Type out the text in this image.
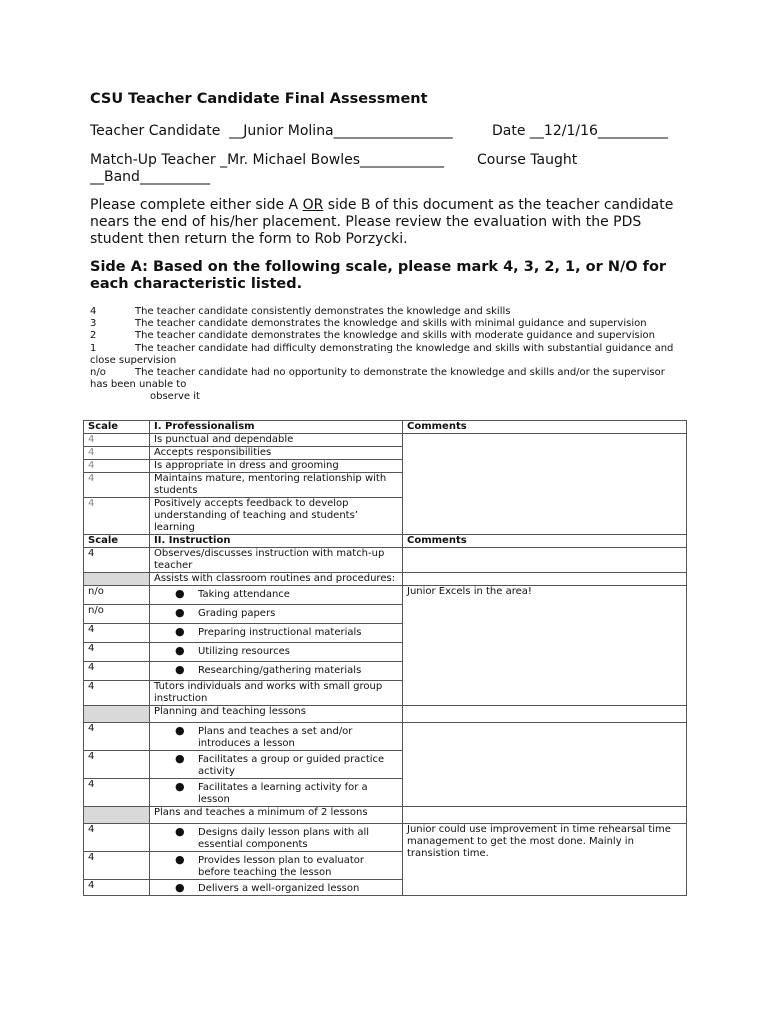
CSU Teacher Candidate Final Assessment
Teacher Candidate  __Junior Molina_________________	Date __12/1/16__________
Match-Up Teacher _Mr. Michael Bowles____________ Course Taught
__Band__________
Please complete either side A OR side B of this document as the teacher candidate nears the end of his/her placement. Please review the evaluation with the PDS student then return the form to Rob Porzycki.
Side A: Based on the following scale, please mark 4, 3, 2, 1, or N/O for each characteristic listed.
4	The teacher candidate consistently demonstrates the knowledge and skills
3	The teacher candidate demonstrates the knowledge and skills with minimal guidance and supervision
2	The teacher candidate demonstrates the knowledge and skills with moderate guidance and supervision
1	The teacher candidate had difficulty demonstrating the knowledge and skills with substantial guidance and
close supervision
n/o	The teacher candidate had no opportunity to demonstrate the knowledge and skills and/or the supervisor
has been unable to
observe it
Scale	I. Professionalism	Comments
4	Is punctual and dependable	
4	Accepts responsibilities	
4	Is appropriate in dress and grooming	
4	Maintains mature, mentoring relationship with students	
4	Positively accepts feedback to develop understanding of teaching and students’ learning	
Scale	II. Instruction	Comments
4	Observes/discusses instruction with match-up teacher	
	Assists with classroom routines and procedures:	
n/o	● Taking attendance	Junior Excels in the area!
n/o	● Grading papers	

4	● Preparing instructional materials	

4	● Utilizing resources	

4	● Researching/gathering materials	

4	Tutors individuals and works with small group instruction	
	Planning and teaching lessons	
4	● Plans and teaches a set and/or introduces a lesson	

4	● Facilitates a group or guided practice activity	

4	● Facilitates a learning activity for a lesson	

	Plans and teaches a minimum of 2 lessons	
4	● Designs daily lesson plans with all essential components	Junior could use improvement in time rehearsal time management to get the most done. Mainly in transistion time.
4	● Provides lesson plan to evaluator before teaching the lesson	

4	● Delivers a well-organized lesson	
